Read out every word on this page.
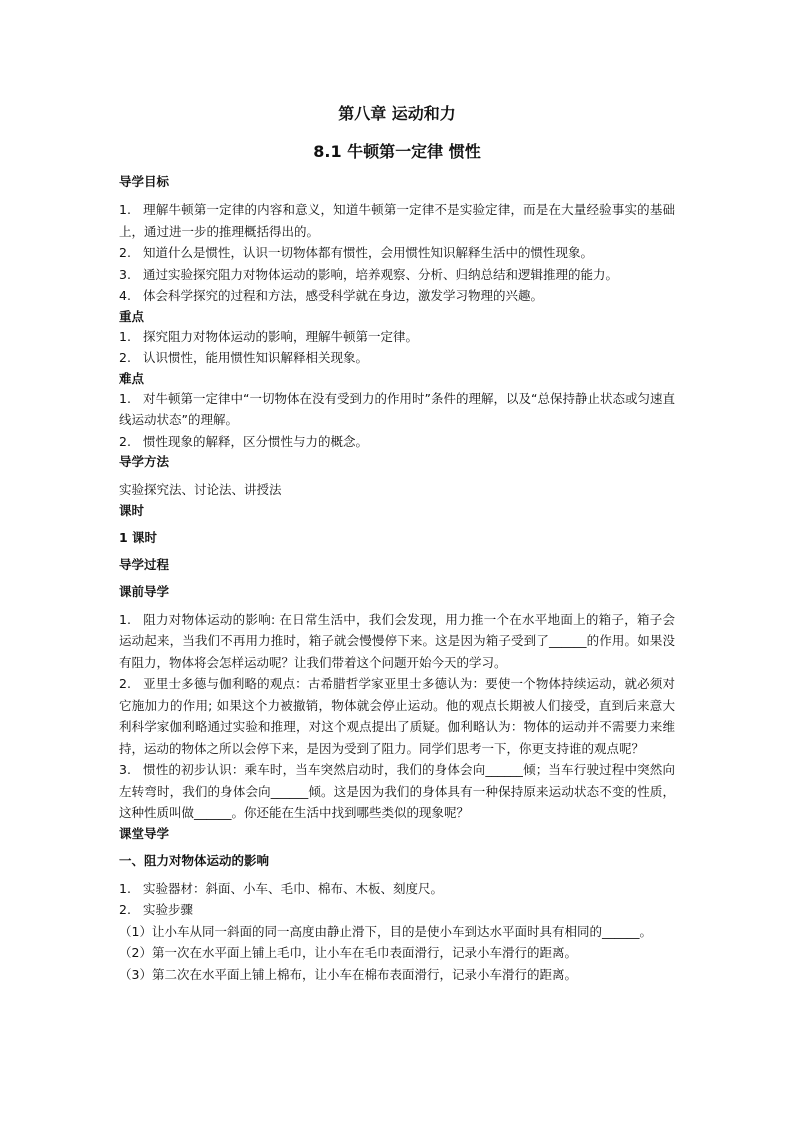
第八章 运动和力
8.1 牛顿第一定律 惯性
导学目标
1. 理解牛顿第一定律的内容和意义，知道牛顿第一定律不是实验定律，而是在大量经验事实的基础上，通过进一步的推理概括得出的。
2. 知道什么是惯性，认识一切物体都有惯性，会用惯性知识解释生活中的惯性现象。
3. 通过实验探究阻力对物体运动的影响，培养观察、分析、归纳总结和逻辑推理的能力。
4. 体会科学探究的过程和方法，感受科学就在身边，激发学习物理的兴趣。
重点
1. 探究阻力对物体运动的影响，理解牛顿第一定律。
2. 认识惯性，能用惯性知识解释相关现象。
难点
1. 对牛顿第一定律中“一切物体在没有受到力的作用时”条件的理解，以及“总保持静止状态或匀速直线运动状态”的理解。
2. 惯性现象的解释，区分惯性与力的概念。
导学方法
实验探究法、讨论法、讲授法
课时
1 课时
导学过程
课前导学
1. 阻力对物体运动的影响: 在日常生活中，我们会发现，用力推一个在水平地面上的箱子，箱子会运动起来，当我们不再用力推时，箱子就会慢慢停下来。这是因为箱子受到了______的作用。如果没有阻力，物体将会怎样运动呢？让我们带着这个问题开始今天的学习。
2. 亚里士多德与伽利略的观点：古希腊哲学家亚里士多德认为：要使一个物体持续运动，就必须对它施加力的作用; 如果这个力被撤销，物体就会停止运动。他的观点长期被人们接受，直到后来意大利科学家伽利略通过实验和推理，对这个观点提出了质疑。伽利略认为：物体的运动并不需要力来维持，运动的物体之所以会停下来，是因为受到了阻力。同学们思考一下，你更支持谁的观点呢？
3. 惯性的初步认识：乘车时，当车突然启动时，我们的身体会向______倾；当车行驶过程中突然向左转弯时，我们的身体会向______倾。这是因为我们的身体具有一种保持原来运动状态不变的性质，这种性质叫做______。你还能在生活中找到哪些类似的现象呢？
课堂导学
一、阻力对物体运动的影响
1. 实验器材：斜面、小车、毛巾、棉布、木板、刻度尺。
2. 实验步骤
（1）让小车从同一斜面的同一高度由静止滑下，目的是使小车到达水平面时具有相同的______。
（2）第一次在水平面上铺上毛巾，让小车在毛巾表面滑行，记录小车滑行的距离。
（3）第二次在水平面上铺上棉布，让小车在棉布表面滑行，记录小车滑行的距离。
